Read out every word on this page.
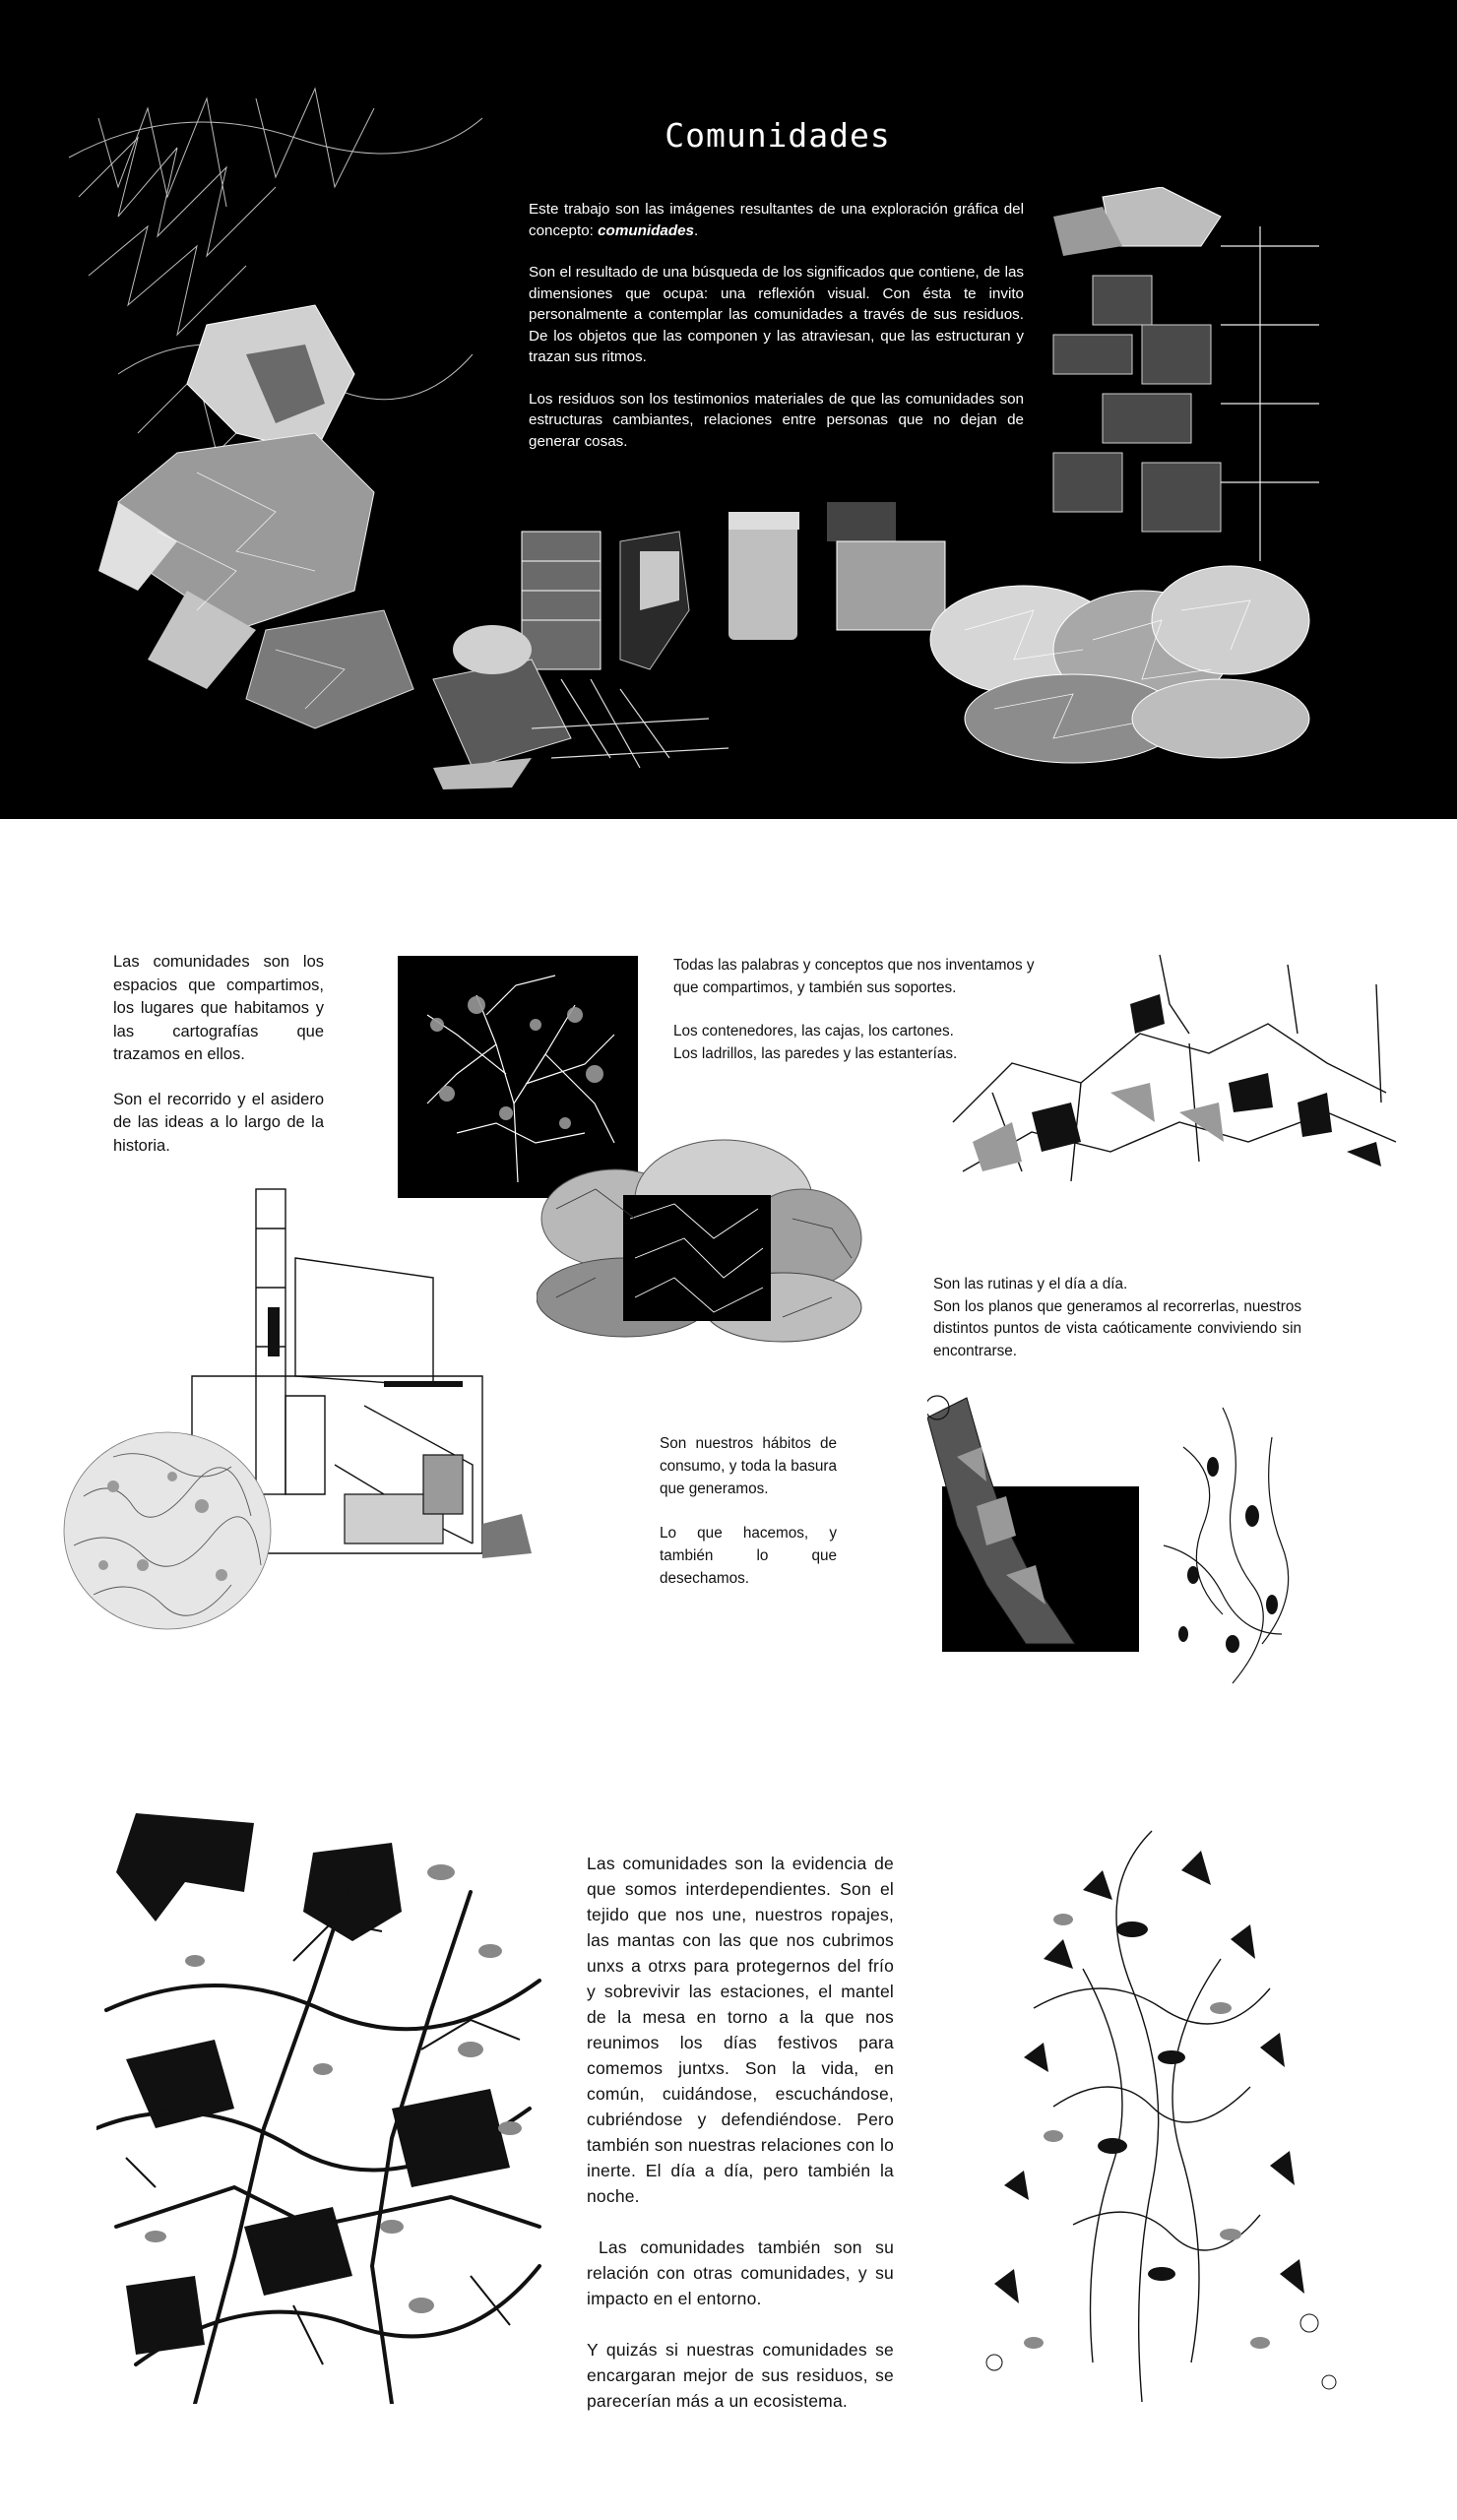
Comunidades

Este trabajo son las imágenes resultantes de una exploración gráfica del concepto: comunidades.

Son el resultado de una búsqueda de los significados que contiene, de las dimensiones que ocupa: una reflexión visual. Con ésta te invito personalmente a contemplar las comunidades a través de sus residuos. De los objetos que las componen y las atraviesan, que las estructuran y trazan sus ritmos.

Los residuos son los testimonios materiales de que las comunidades son estructuras cambiantes, relaciones entre personas que no dejan de generar cosas.

Las comunidades son los espacios que compartimos, los lugares que habitamos y las cartografías que trazamos en ellos.

Son el recorrido y el asidero de las ideas a lo largo de la historia.

Todas las palabras y conceptos que nos inventamos y que compartimos, y también sus soportes.

Los contenedores, las cajas, los cartones.
Los ladrillos, las paredes y las estanterías.

Son las rutinas y el día a día.
Son los planos que generamos al recorrerlas, nuestros distintos puntos de vista caóticamente conviviendo sin encontrarse.

Son nuestros hábitos de consumo, y toda la basura que generamos.

Lo que hacemos, y también lo que desechamos.

Las comunidades son la evidencia de que somos interdependientes. Son el tejido que nos une, nuestros ropajes, las mantas con las que nos cubrimos unxs a otrxs para protegernos del frío y sobrevivir las estaciones, el mantel de la mesa en torno a la que nos reunimos los días festivos para comemos juntxs. Son la vida, en común, cuidándose, escuchándose, cubriéndose y defendiéndose. Pero también son nuestras relaciones con lo inerte. El día a día, pero también la noche.

Las comunidades también son su relación con otras comunidades, y su impacto en el entorno.

Y quizás si nuestras comunidades se encargaran mejor de sus residuos, se parecerían más a un ecosistema.
